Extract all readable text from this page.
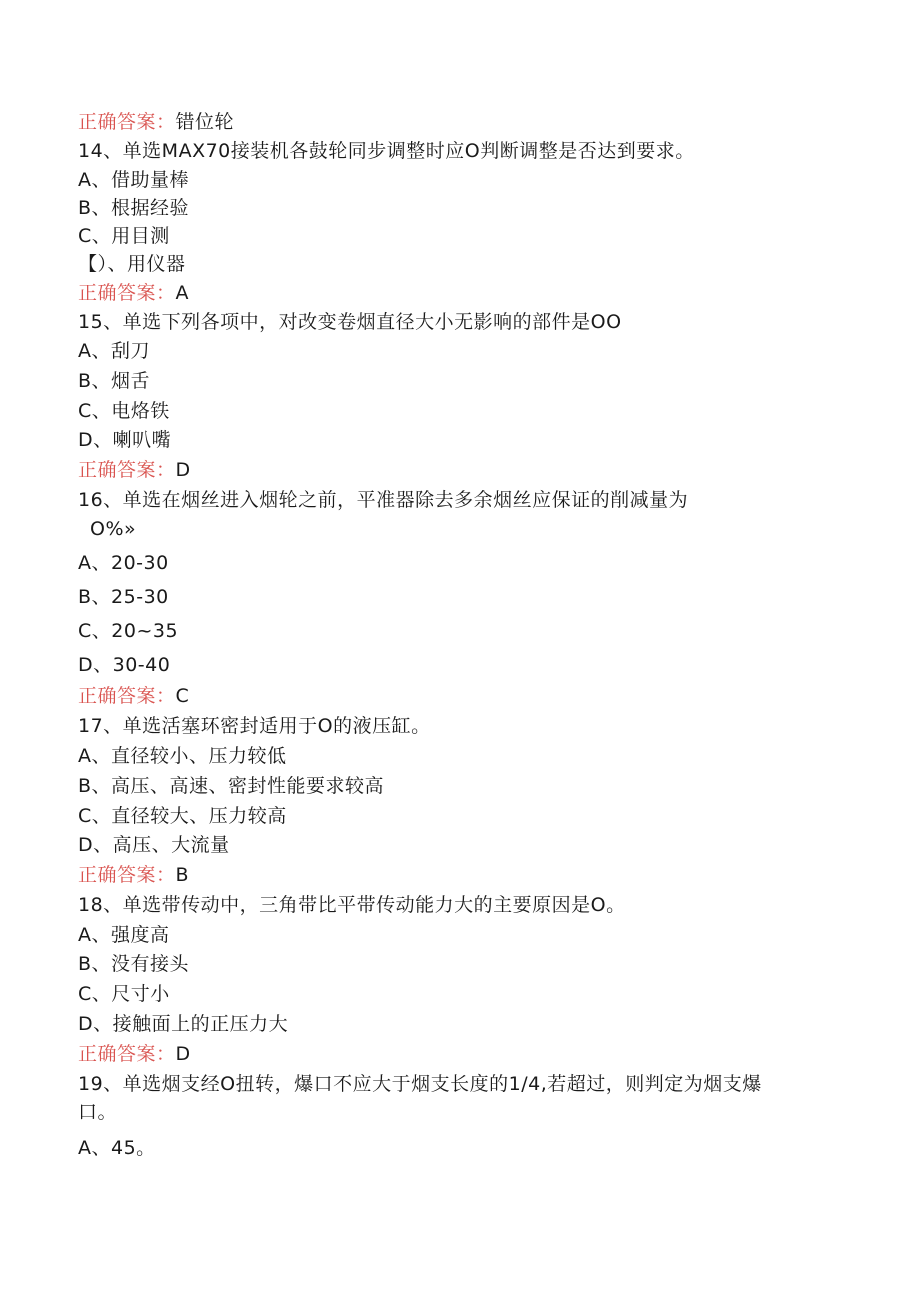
正确答案：错位轮
14、单选MAX70接装机各鼓轮同步调整时应O判断调整是否达到要求。
A、借助量棒
B、根据经验
C、用目测
【）、用仪器
正确答案：A
15、单选下列各项中，对改变卷烟直径大小无影响的部件是OO
A、刮刀
B、烟舌
C、电烙铁
D、喇叭嘴
正确答案：D
16、单选在烟丝进入烟轮之前，平准器除去多余烟丝应保证的削减量为
O%»
A、20-30
B、25-30
C、20~35
D、30-40
正确答案：C
17、单选活塞环密封适用于O的液压缸。
A、直径较小、压力较低
B、高压、高速、密封性能要求较高
C、直径较大、压力较高
D、高压、大流量
正确答案：B
18、单选带传动中，三角带比平带传动能力大的主要原因是O。
A、强度高
B、没有接头
C、尺寸小
D、接触面上的正压力大
正确答案：D
19、单选烟支经O扭转，爆口不应大于烟支长度的1/4,若超过，则判定为烟支爆
口。
A、45。
